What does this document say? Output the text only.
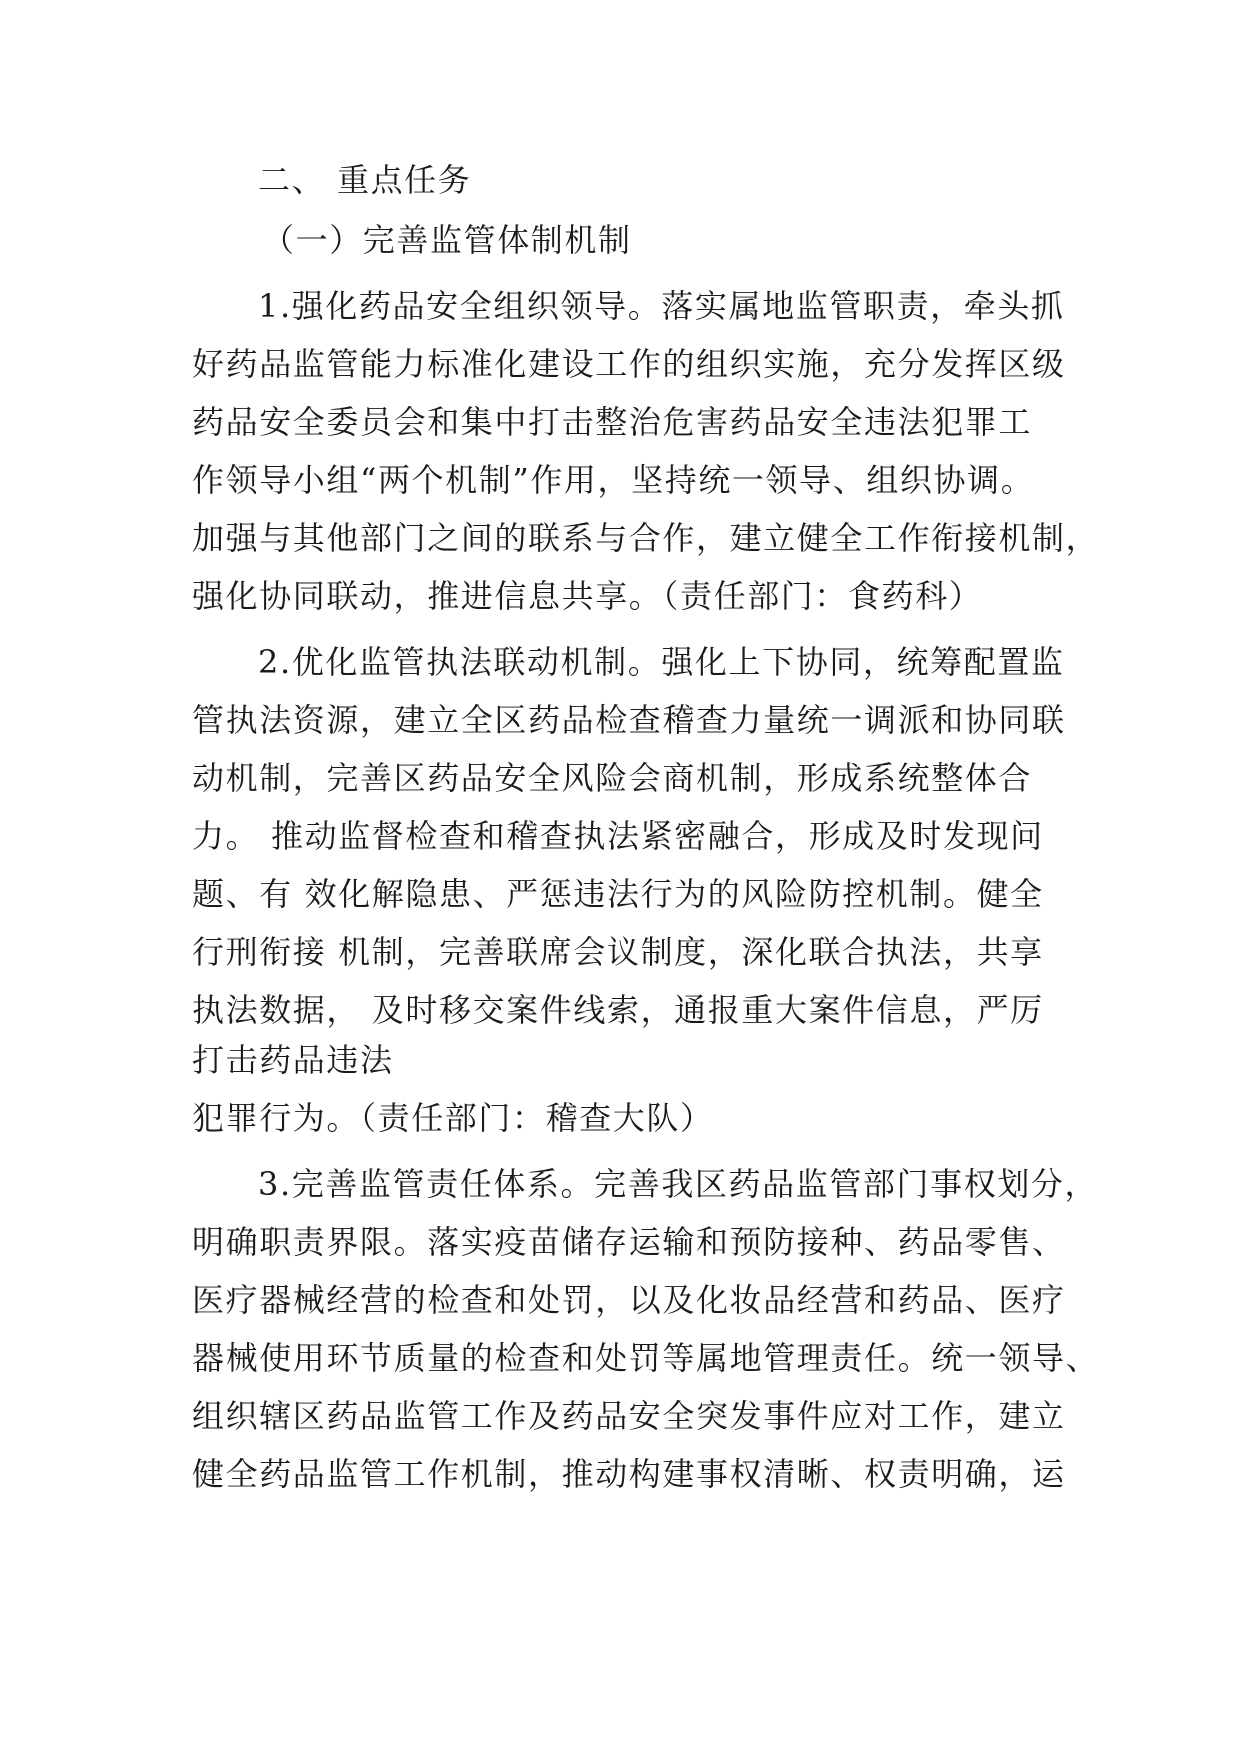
二、 重点任务
（一）完善监管体制机制
1.强化药品安全组织领导。落实属地监管职责，牵头抓
好药品监管能力标准化建设工作的组织实施，充分发挥区级
药品安全委员会和集中打击整治危害药品安全违法犯罪工
作领导小组“两个机制”作用，坚持统一领导、组织协调。
加强与其他部门之间的联系与合作，建立健全工作衔接机制，
强化协同联动，推进信息共享。（责任部门：食药科）
2.优化监管执法联动机制。强化上下协同，统筹配置监
管执法资源，建立全区药品检查稽查力量统一调派和协同联
动机制，完善区药品安全风险会商机制，形成系统整体合
力。 推动监督检查和稽查执法紧密融合，形成及时发现问
题、有 效化解隐患、严惩违法行为的风险防控机制。健全
行刑衔接 机制，完善联席会议制度，深化联合执法，共享
执法数据， 及时移交案件线索，通报重大案件信息，严厉
打击药品违法
犯罪行为。（责任部门：稽查大队）
3.完善监管责任体系。完善我区药品监管部门事权划分，
明确职责界限。落实疫苗储存运输和预防接种、药品零售、
医疗器械经营的检查和处罚，以及化妆品经营和药品、医疗
器械使用环节质量的检查和处罚等属地管理责任。统一领导、
组织辖区药品监管工作及药品安全突发事件应对工作，建立
健全药品监管工作机制，推动构建事权清晰、权责明确，运
